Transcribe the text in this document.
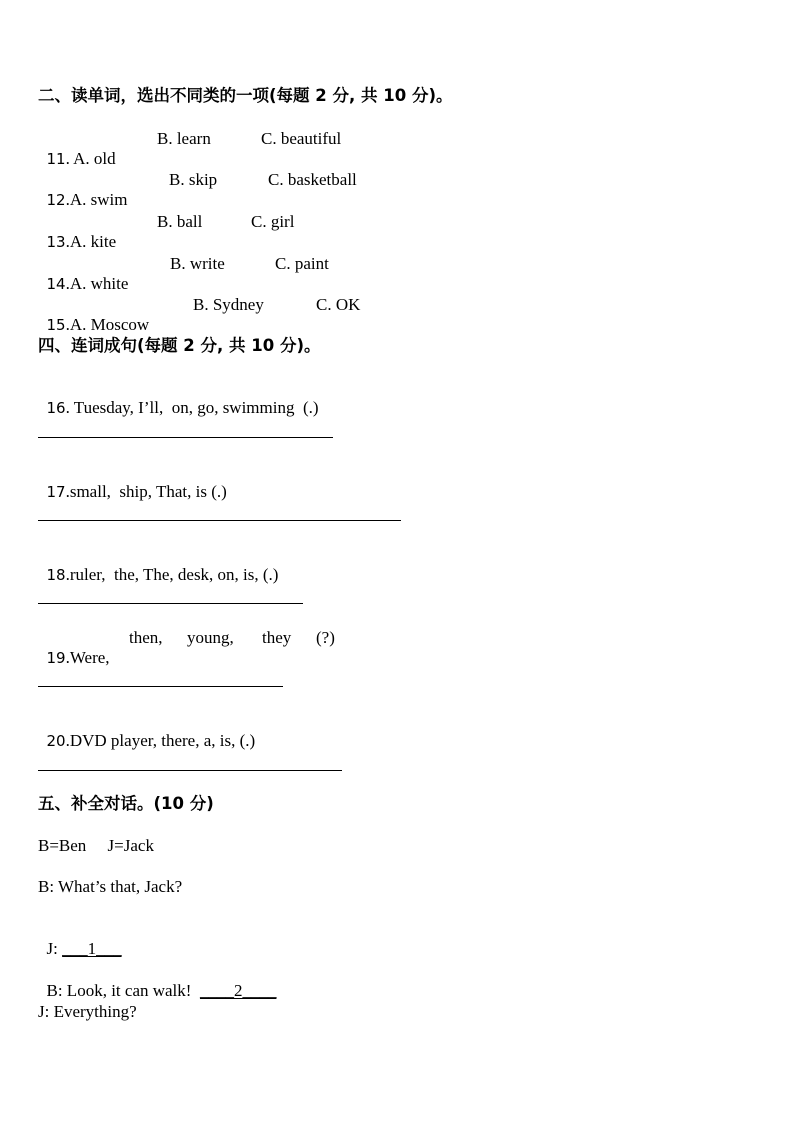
二、读单词，选出不同类的一项(每题 2 分, 共 10 分)。

11. A. old

B. learn	C. beautiful

12.A. swim

B. skip	C. basketball

13.A. kite

B. ball	C. girl

14.A. white

B. write	C. paint

15.A. Moscow

B. Sydney	C. OK
四、连词成句(每题 2 分, 共 10 分)。

16. Tuesday, I’ll,  on, go, swimming  (.)

17.small,  ship, That, is (.)

18.ruler,  the, The, desk, on, is, (.)

19.Were,

then, young, they (?)

20.DVD player, there, a, is, (.)

五、补全对话。(10 分)
B=Ben     J=Jack
B: What’s that, Jack?

J: ___1___

B: Look, it can walk!  ____2____

J: Everything?
